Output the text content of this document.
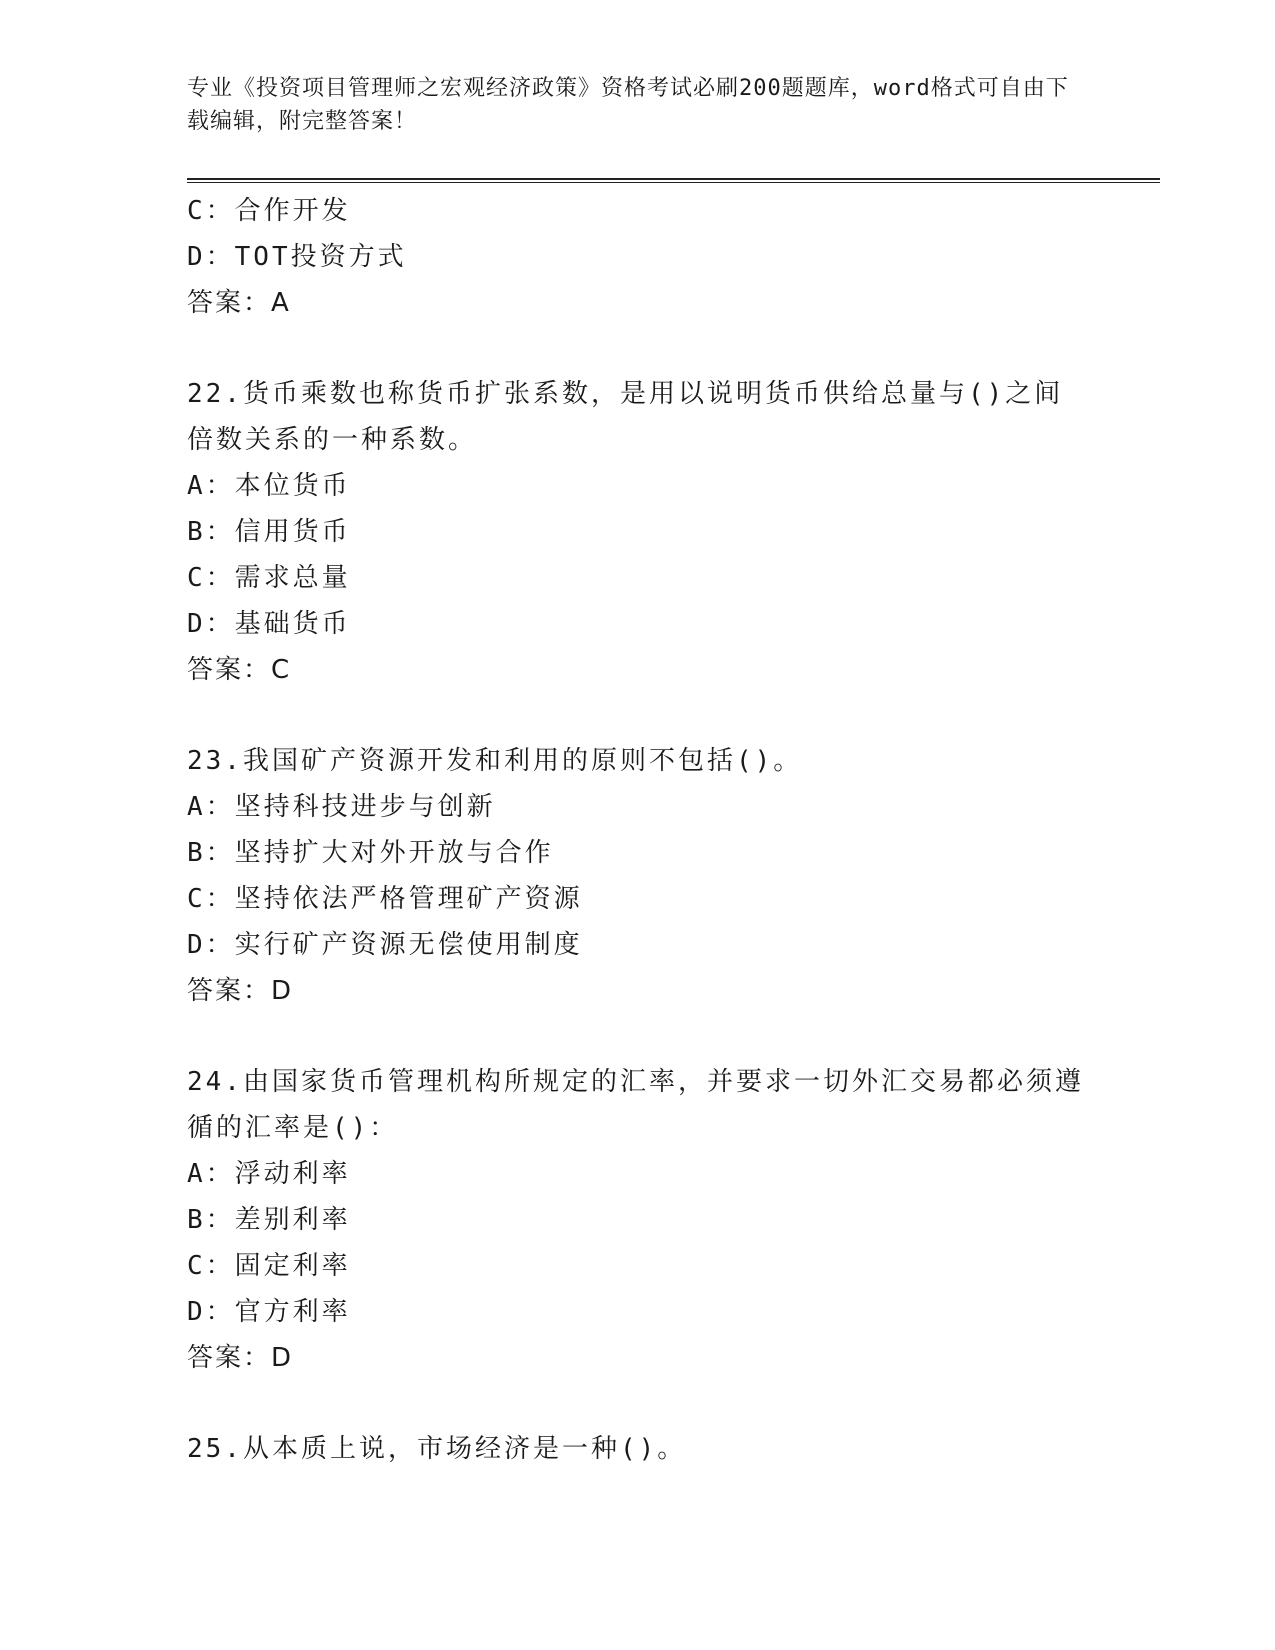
专业《投资项目管理师之宏观经济政策》资格考试必刷200题题库，word格式可自由下载编辑，附完整答案！
C：合作开发
D：TOT投资方式
答案：A
22.货币乘数也称货币扩张系数，是用以说明货币供给总量与()之间倍数关系的一种系数。
A：本位货币
B：信用货币
C：需求总量
D：基础货币
答案：C
23.我国矿产资源开发和利用的原则不包括()。
A：坚持科技进步与创新
B：坚持扩大对外开放与合作
C：坚持依法严格管理矿产资源
D：实行矿产资源无偿使用制度
答案：D
24.由国家货币管理机构所规定的汇率，并要求一切外汇交易都必须遵循的汇率是()：
A：浮动利率
B：差别利率
C：固定利率
D：官方利率
答案：D
25.从本质上说，市场经济是一种()。
